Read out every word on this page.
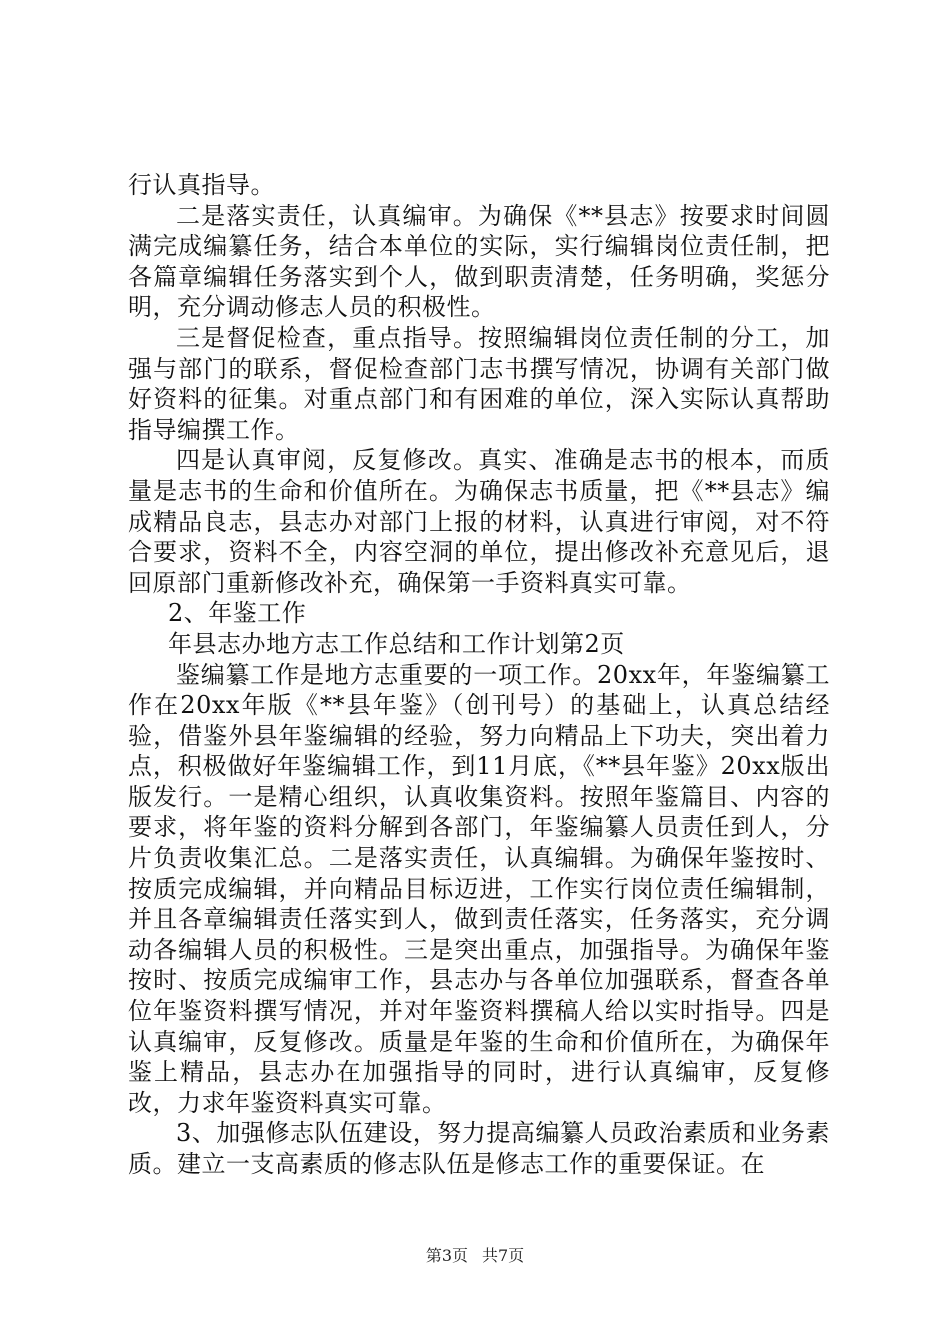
行认真指导。

二是落实责任，认真编审。为确保《**县志》按要求时间圆满完成编纂任务，结合本单位的实际，实行编辑岗位责任制，把各篇章编辑任务落实到个人，做到职责清楚，任务明确，奖惩分明，充分调动修志人员的积极性。

三是督促检查，重点指导。按照编辑岗位责任制的分工，加强与部门的联系，督促检查部门志书撰写情况，协调有关部门做好资料的征集。对重点部门和有困难的单位，深入实际认真帮助指导编撰工作。

四是认真审阅，反复修改。真实、准确是志书的根本，而质量是志书的生命和价值所在。为确保志书质量，把《**县志》编成精品良志，县志办对部门上报的材料，认真进行审阅，对不符合要求，资料不全，内容空洞的单位，提出修改补充意见后，退回原部门重新修改补充，确保第一手资料真实可靠。

2、年鉴工作

年县志办地方志工作总结和工作计划第2页

鉴编纂工作是地方志重要的一项工作。20xx年，年鉴编纂工作在20xx年版《**县年鉴》（创刊号）的基础上，认真总结经验，借鉴外县年鉴编辑的经验，努力向精品上下功夫，突出着力点，积极做好年鉴编辑工作，到11月底，《**县年鉴》20xx版出版发行。一是精心组织，认真收集资料。按照年鉴篇目、内容的要求，将年鉴的资料分解到各部门，年鉴编纂人员责任到人，分片负责收集汇总。二是落实责任，认真编辑。为确保年鉴按时、按质完成编辑，并向精品目标迈进，工作实行岗位责任编辑制，并且各章编辑责任落实到人，做到责任落实，任务落实，充分调动各编辑人员的积极性。三是突出重点，加强指导。为确保年鉴按时、按质完成编审工作，县志办与各单位加强联系，督查各单位年鉴资料撰写情况，并对年鉴资料撰稿人给以实时指导。四是认真编审，反复修改。质量是年鉴的生命和价值所在，为确保年鉴上精品，县志办在加强指导的同时，进行认真编审，反复修改，力求年鉴资料真实可靠。

3、加强修志队伍建设，努力提高编纂人员政治素质和业务素质。建立一支高素质的修志队伍是修志工作的重要保证。在

第3页 共7页
